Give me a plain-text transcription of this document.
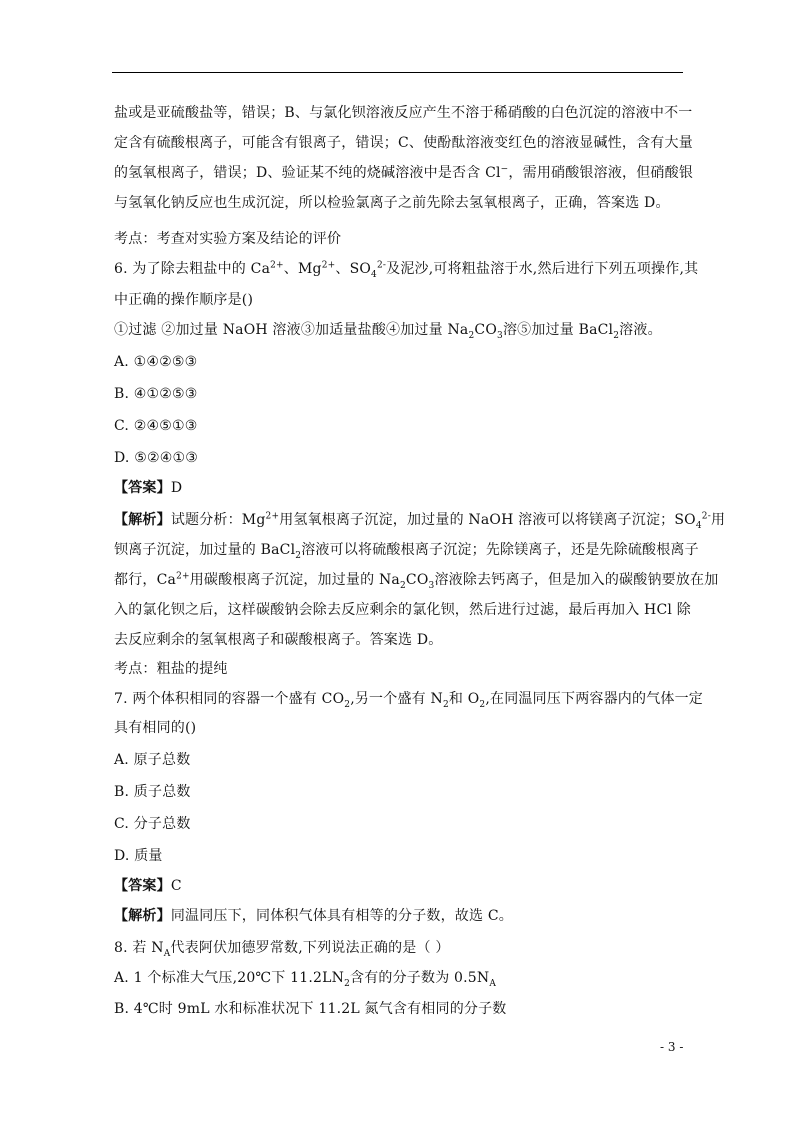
盐或是亚硫酸盐等，错误；B、与氯化钡溶液反应产生不溶于稀硝酸的白色沉淀的溶液中不一
定含有硫酸根离子，可能含有银离子，错误；C、使酚酞溶液变红色的溶液显碱性，含有大量
的氢氧根离子，错误；D、验证某不纯的烧碱溶液中是否含 Cl−，需用硝酸银溶液，但硝酸银
与氢氧化钠反应也生成沉淀，所以检验氯离子之前先除去氢氧根离子，正确，答案选 D。
考点：考查对实验方案及结论的评价
6. 为了除去粗盐中的 $Ca^{2+}$、$Mg^{2+}$、$SO_4^{2-}$及泥沙,可将粗盐溶于水,然后进行下列五项操作,其
中正确的操作顺序是()
①过滤 ②加过量 NaOH 溶液③加适量盐酸④加过量 $Na_2CO_3$溶⑤加过量 BaCl$_2$溶液。
A. ①④②⑤③
B. ④①②⑤③
C. ②④⑤①③
D. ⑤②④①③
【答案】D
【解析】试题分析：$Mg^{2+}$用氢氧根离子沉淀，加过量的 NaOH 溶液可以将镁离子沉淀；$SO_4^{2-}$用
钡离子沉淀，加过量的 BaCl$_2$溶液可以将硫酸根离子沉淀；先除镁离子，还是先除硫酸根离子
都行，$Ca^{2+}$用碳酸根离子沉淀，加过量的 $Na_2CO_3$溶液除去钙离子，但是加入的碳酸钠要放在加
入的氯化钡之后，这样碳酸钠会除去反应剩余的氯化钡，然后进行过滤，最后再加入 HCl 除
去反应剩余的氢氧根离子和碳酸根离子。答案选 D。
考点：粗盐的提纯
7. 两个体积相同的容器一个盛有 $CO_2$,另一个盛有 $N_2$和 $O_2$,在同温同压下两容器内的气体一定
具有相同的()
A. 原子总数
B. 质子总数
C. 分子总数
D. 质量
【答案】C
【解析】同温同压下，同体积气体具有相等的分子数，故选 C。
8. 若 $N_A$代表阿伏加德罗常数,下列说法正确的是（ ）
A. 1 个标准大气压,20℃下 $11.2LN_2$含有的分子数为 $0.5N_A$
B. 4℃时 9mL 水和标准状况下 11.2L 氮气含有相同的分子数
- 3 -
